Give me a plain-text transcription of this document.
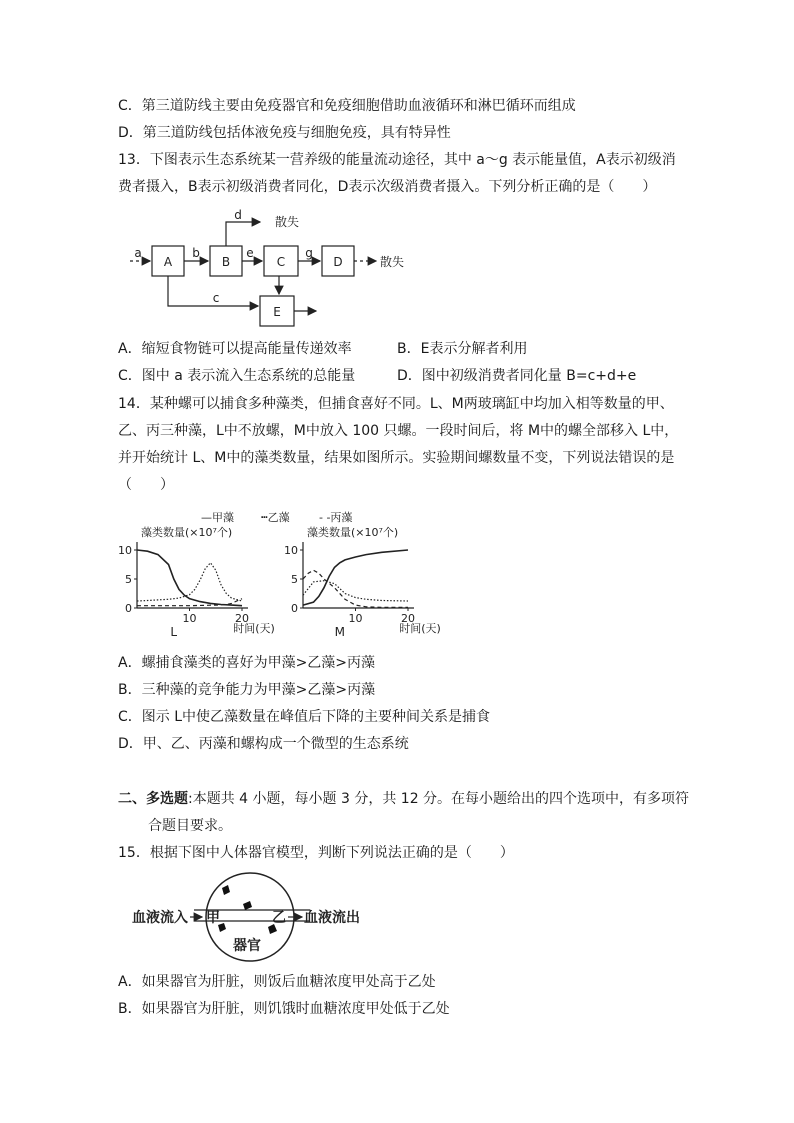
C．第三道防线主要由免疫器官和免疫细胞借助血液循环和淋巴循环而组成
D．第三道防线包括体液免疫与细胞免疫，具有特异性
13．下图表示生态系统某一营养级的能量流动途径，其中 a～g 表示能量值，A表示初级消
费者摄入，B表示初级消费者同化，D表示次级消费者摄入。下列分析正确的是（　　）
a
A
b
B
d	散失
e
C
g
D	散失
c
E
A．缩短食物链可以提高能量传递效率	B．E表示分解者利用
C．图中 a 表示流入生态系统的总能量	D．图中初级消费者同化量 B=c+d+e
14．某种螺可以捕食多种藻类，但捕食喜好不同。L、M两玻璃缸中均加入相等数量的甲、
乙、丙三种藻，L中不放螺，M中放入 100 只螺。一段时间后，将 M中的螺全部移入 L中，
并开始统计 L、M中的藻类数量，结果如图所示。实验期间螺数量不变，下列说法错误的是
（　　）
—甲藻 ┅乙藻	- -丙藻
藻类数量(×10⁷个)	藻类数量(×10⁷个)
0
5
10
10	20
时间(天)
L
0
5
10
10	20
时间(天)
M
A．螺捕食藻类的喜好为甲藻>乙藻>丙藻
B．三种藻的竞争能力为甲藻>乙藻>丙藻
C．图示 L中使乙藻数量在峰值后下降的主要种间关系是捕食
D．甲、乙、丙藻和螺构成一个微型的生态系统
二、多选题:本题共 4 小题，每小题 3 分，共 12 分。在每小题给出的四个选项中，有多项符
合题目要求。
15．根据下图中人体器官模型，判断下列说法正确的是（　　）
血液流入 甲	乙 血液流出
器官
A．如果器官为肝脏，则饭后血糖浓度甲处高于乙处
B．如果器官为肝脏，则饥饿时血糖浓度甲处低于乙处
